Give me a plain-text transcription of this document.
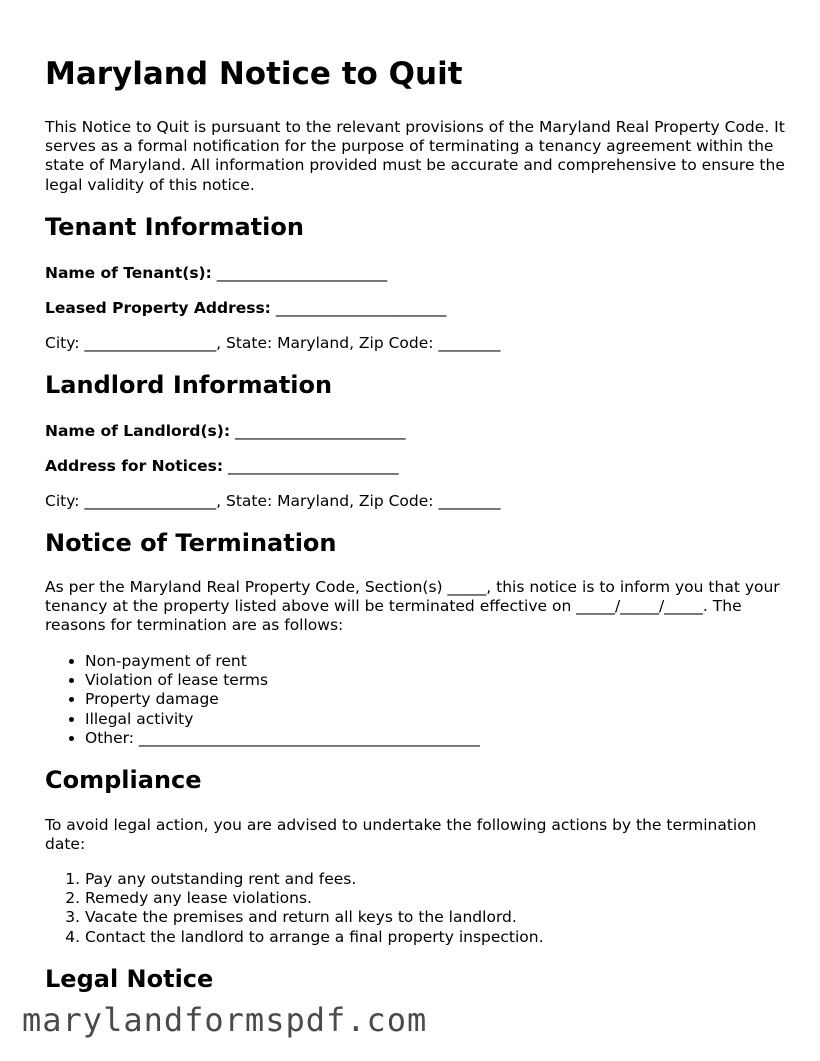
Maryland Notice to Quit

This Notice to Quit is pursuant to the relevant provisions of the Maryland Real Property Code. It serves as a formal notification for the purpose of terminating a tenancy agreement within the state of Maryland. All information provided must be accurate and comprehensive to ensure the legal validity of this notice.

Tenant Information
Name of Tenant(s): ______________________
Leased Property Address: ______________________
City: _________________, State: Maryland, Zip Code: ________
Landlord Information
Name of Landlord(s): ______________________
Address for Notices: ______________________
City: _________________, State: Maryland, Zip Code: ________
Notice of Termination

As per the Maryland Real Property Code, Section(s) _____, this notice is to inform you that your tenancy at the property listed above will be terminated effective on _____/_____/_____. The reasons for termination are as follows:

• Non-payment of rent
• Violation of lease terms
• Property damage
• Illegal activity
• Other: ____________________________________________
Compliance

To avoid legal action, you are advised to undertake the following actions by the termination date:

1. Pay any outstanding rent and fees.
2. Remedy any lease violations.
3. Vacate the premises and return all keys to the landlord.
4. Contact the landlord to arrange a final property inspection.
Legal Notice
marylandformspdf.com
